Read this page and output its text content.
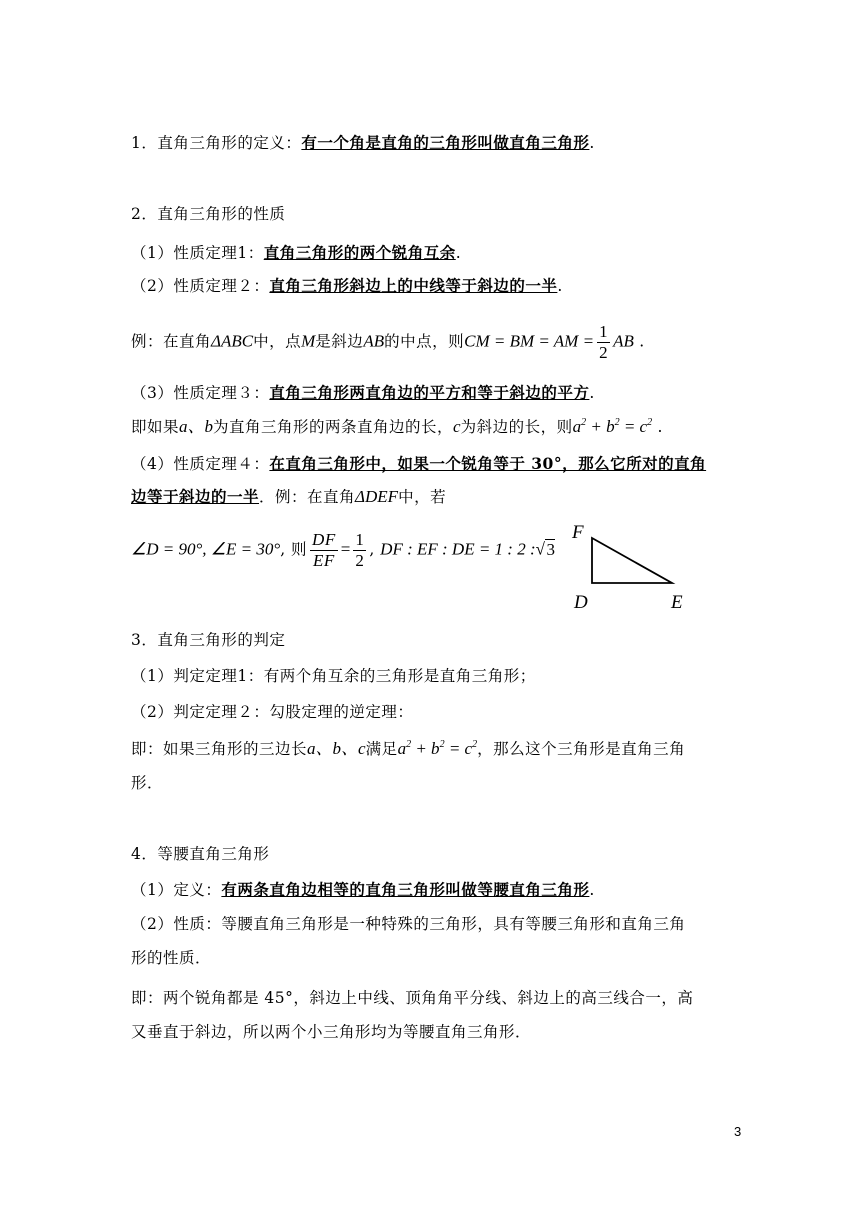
1．直角三角形的定义：有一个角是直角的三角形叫做直角三角形.
2．直角三角形的性质
（1）性质定理1：直角三角形的两个锐角互余.
（2）性质定理２：直角三角形斜边上的中线等于斜边的一半.
例：在直角ΔABC中，点M是斜边AB的中点，则CM = BM = AM = $\frac{1}{2}$ AB .
（3）性质定理３：直角三角形两直角边的平方和等于斜边的平方.
即如果a、b为直角三角形的两条直角边的长，c为斜边的长，则$a^2 + b^2 = c^2$ .
（4）性质定理４：在直角三角形中，如果一个锐角等于 30°，那么它所对的直角
边等于斜边的一半．例：在直角ΔDEF中，若
∠D = 90°, ∠E = 30°, 则 $\frac{DF}{EF} = \frac{1}{2}$ , DF : EF : DE = 1 : 2 :√3
F
D	E
3．直角三角形的判定
（1）判定定理1：有两个角互余的三角形是直角三角形；
（2）判定定理２：勾股定理的逆定理：
即：如果三角形的三边长a、b、c满足$a^2 + b^2 = c^2$，那么这个三角形是直角三角
形．
4．等腰直角三角形
（1）定义：有两条直角边相等的直角三角形叫做等腰直角三角形.
（2）性质：等腰直角三角形是一种特殊的三角形，具有等腰三角形和直角三角
形的性质．
即：两个锐角都是 45°，斜边上中线、顶角角平分线、斜边上的高三线合一，高
又垂直于斜边，所以两个小三角形均为等腰直角三角形．
3
